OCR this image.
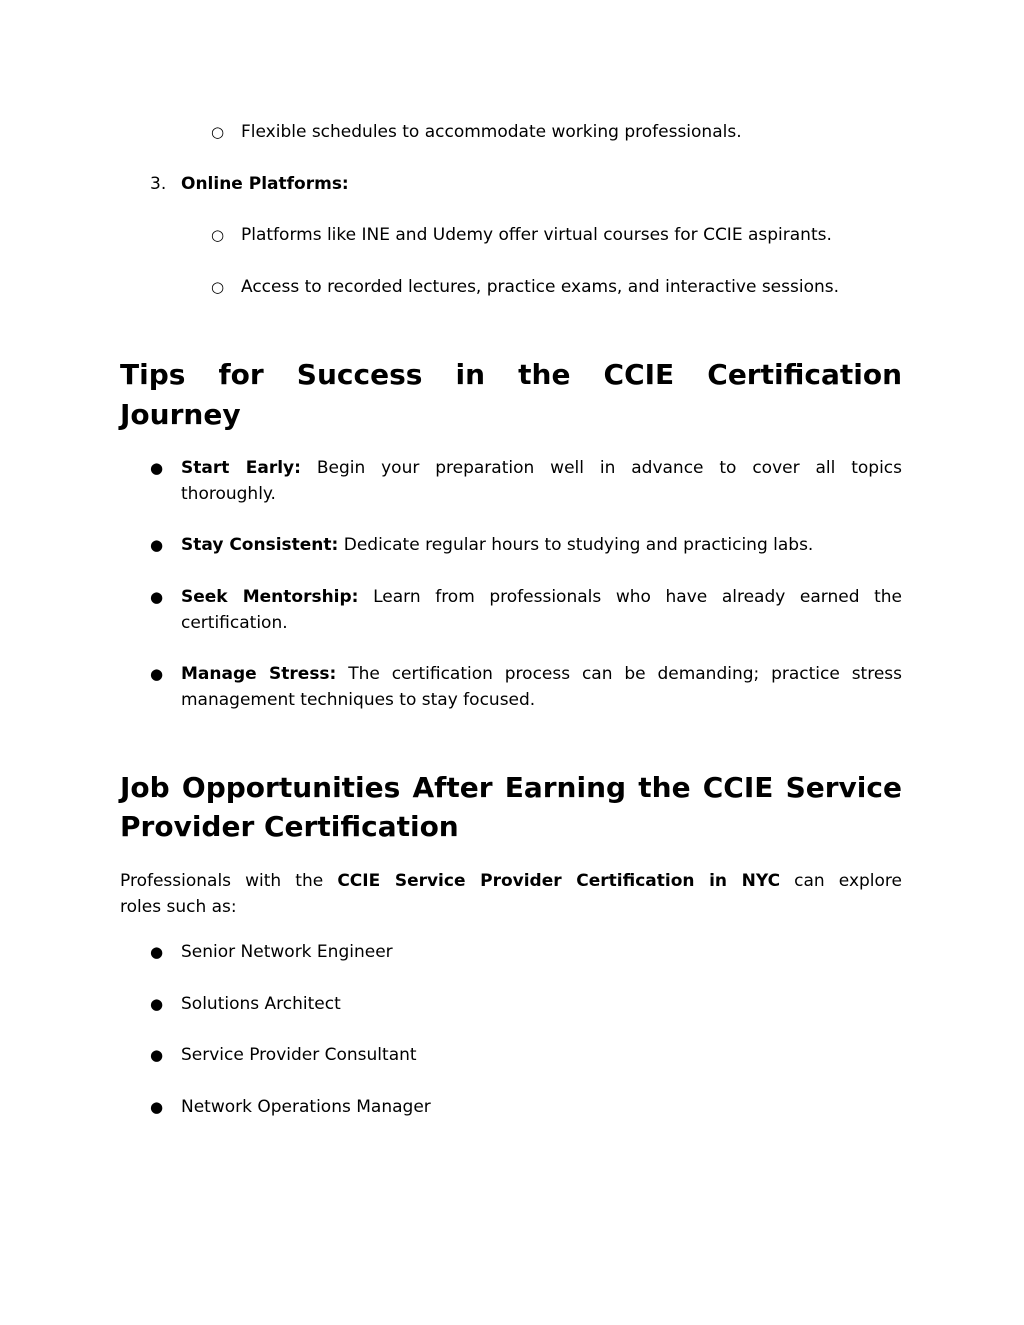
○ Flexible schedules to accommodate working professionals.
3. Online Platforms:
○ Platforms like INE and Udemy offer virtual courses for CCIE aspirants.
○ Access to recorded lectures, practice exams, and interactive sessions.
Tips for Success in the CCIE Certification
Journey
● Start Early: Begin your preparation well in advance to cover all topics
thoroughly.
● Stay Consistent: Dedicate regular hours to studying and practicing labs.
● Seek Mentorship: Learn from professionals who have already earned the
certification.
● Manage Stress: The certification process can be demanding; practice stress
management techniques to stay focused.
Job Opportunities After Earning the CCIE Service
Provider Certification
Professionals with the CCIE Service Provider Certification in NYC can explore
roles such as:
● Senior Network Engineer
● Solutions Architect
● Service Provider Consultant
● Network Operations Manager
